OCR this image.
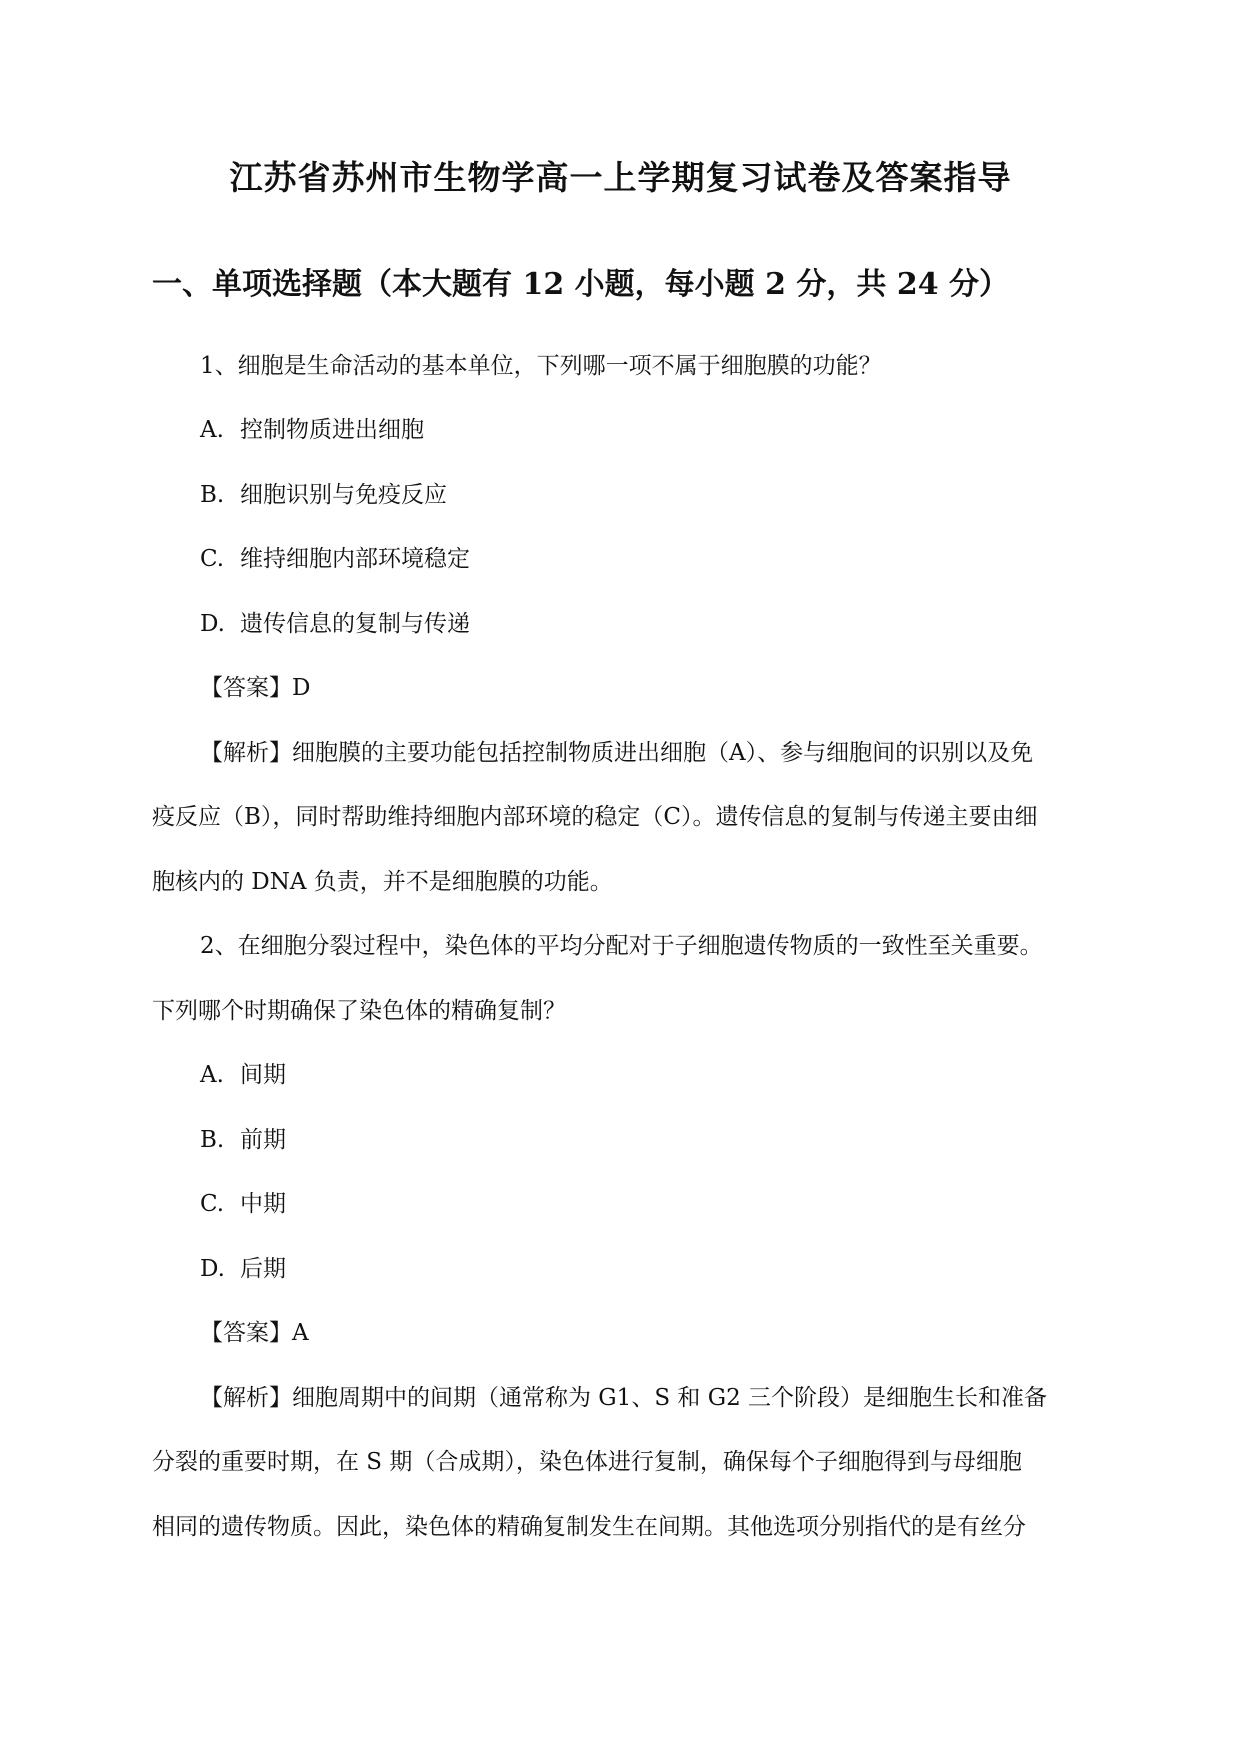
江苏省苏州市生物学高一上学期复习试卷及答案指导
一、单项选择题（本大题有 12 小题，每小题 2 分，共 24 分）
1、细胞是生命活动的基本单位，下列哪一项不属于细胞膜的功能？
A. 控制物质进出细胞
B. 细胞识别与免疫反应
C. 维持细胞内部环境稳定
D. 遗传信息的复制与传递
【答案】D
【解析】细胞膜的主要功能包括控制物质进出细胞（A）、参与细胞间的识别以及免
疫反应（B），同时帮助维持细胞内部环境的稳定（C）。遗传信息的复制与传递主要由细
胞核内的 DNA 负责，并不是细胞膜的功能。
2、在细胞分裂过程中，染色体的平均分配对于子细胞遗传物质的一致性至关重要。
下列哪个时期确保了染色体的精确复制？
A. 间期
B. 前期
C. 中期
D. 后期
【答案】A
【解析】细胞周期中的间期（通常称为 G1、S 和 G2 三个阶段）是细胞生长和准备
分裂的重要时期，在 S 期（合成期），染色体进行复制，确保每个子细胞得到与母细胞
相同的遗传物质。因此，染色体的精确复制发生在间期。其他选项分别指代的是有丝分
